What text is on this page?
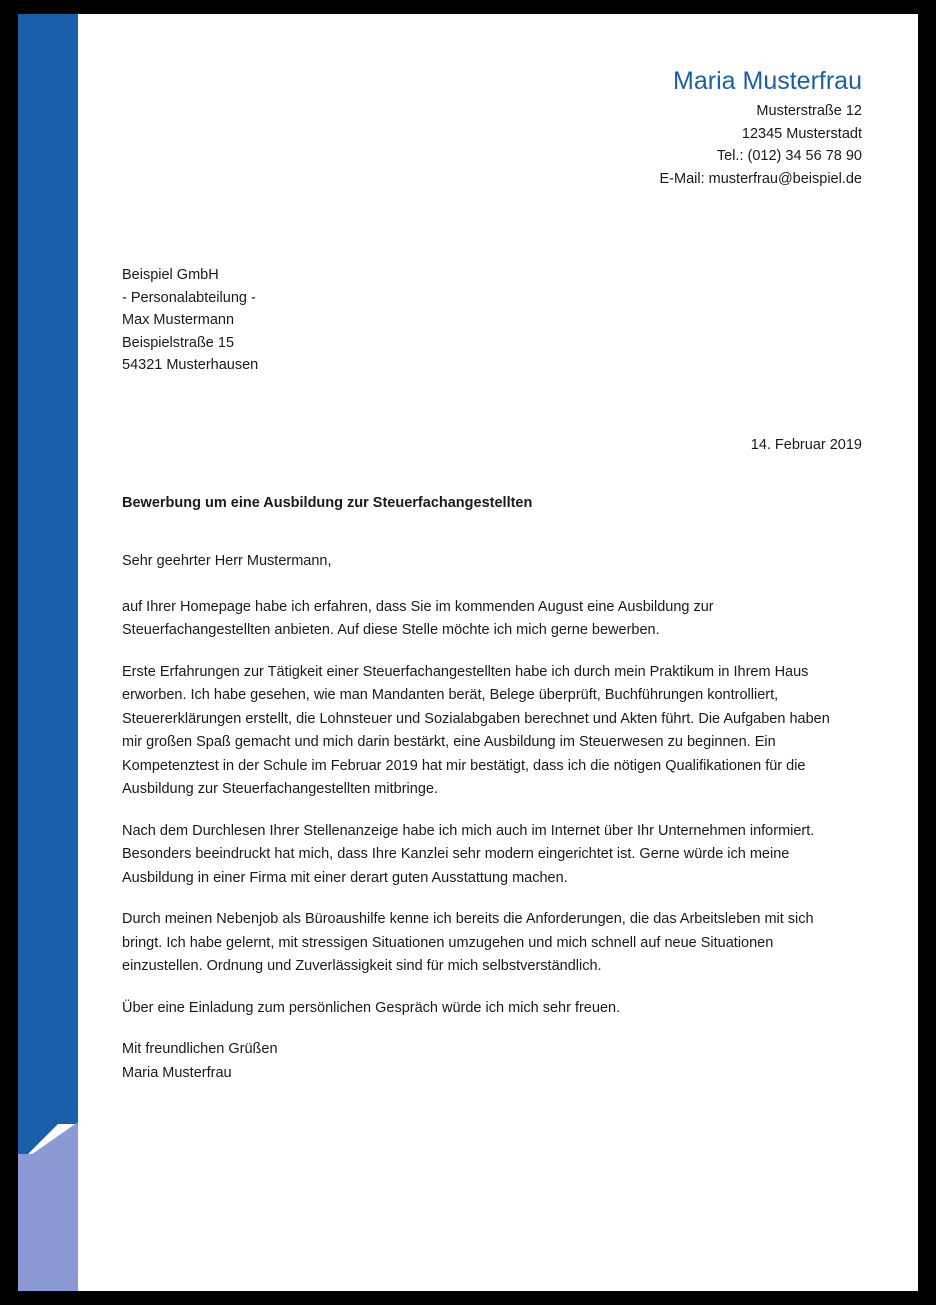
Maria Musterfrau
Musterstraße 12
12345 Musterstadt
Tel.: (012) 34 56 78 90
E-Mail: musterfrau@beispiel.de
Beispiel GmbH
- Personalabteilung -
Max Mustermann
Beispielstraße 15
54321 Musterhausen
14. Februar 2019
Bewerbung um eine Ausbildung zur Steuerfachangestellten

Sehr geehrter Herr Mustermann,

auf Ihrer Homepage habe ich erfahren, dass Sie im kommenden August eine Ausbildung zur Steuerfachangestellten anbieten. Auf diese Stelle möchte ich mich gerne bewerben.

Erste Erfahrungen zur Tätigkeit einer Steuerfachangestellten habe ich durch mein Praktikum in Ihrem Haus erworben. Ich habe gesehen, wie man Mandanten berät, Belege überprüft, Buchführungen kontrolliert, Steuererklärungen erstellt, die Lohnsteuer und Sozialabgaben berechnet und Akten führt. Die Aufgaben haben mir großen Spaß gemacht und mich darin bestärkt, eine Ausbildung im Steuerwesen zu beginnen. Ein Kompetenztest in der Schule im Februar 2019 hat mir bestätigt, dass ich die nötigen Qualifikationen für die Ausbildung zur Steuerfachangestellten mitbringe.

Nach dem Durchlesen Ihrer Stellenanzeige habe ich mich auch im Internet über Ihr Unternehmen informiert. Besonders beeindruckt hat mich, dass Ihre Kanzlei sehr modern eingerichtet ist. Gerne würde ich meine Ausbildung in einer Firma mit einer derart guten Ausstattung machen.

Durch meinen Nebenjob als Büroaushilfe kenne ich bereits die Anforderungen, die das Arbeitsleben mit sich bringt. Ich habe gelernt, mit stressigen Situationen umzugehen und mich schnell auf neue Situationen einzustellen. Ordnung und Zuverlässigkeit sind für mich selbstverständlich.

Über eine Einladung zum persönlichen Gespräch würde ich mich sehr freuen.

Mit freundlichen Grüßen

Maria Musterfrau
